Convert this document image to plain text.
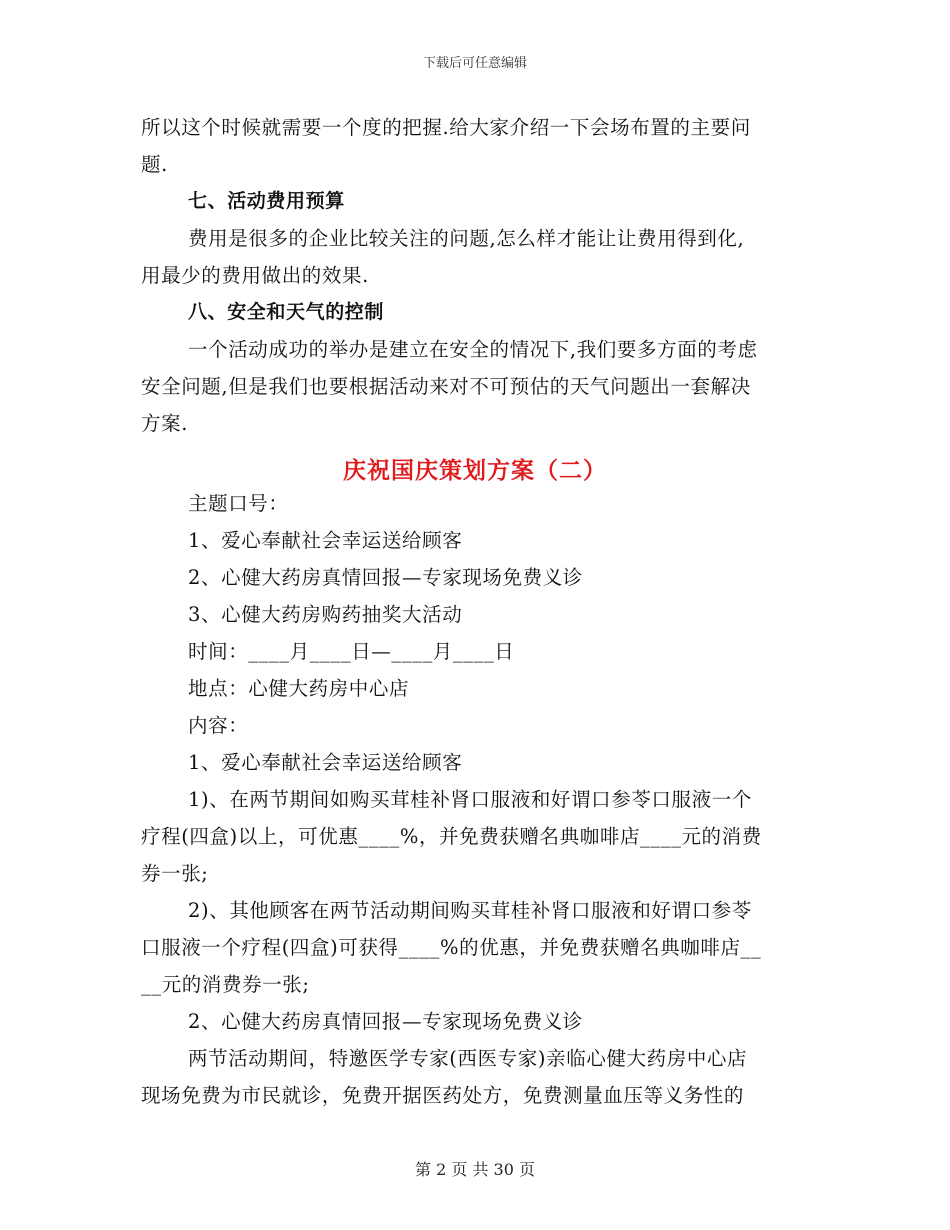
下载后可任意编辑
所以这个时候就需要一个度的把握.给大家介绍一下会场布置的主要问
题.
七、活动费用预算
费用是很多的企业比较关注的问题,怎么样才能让让费用得到化,
用最少的费用做出的效果.
八、安全和天气的控制
一个活动成功的举办是建立在安全的情况下,我们要多方面的考虑
安全问题,但是我们也要根据活动来对不可预估的天气问题出一套解决
方案.
庆祝国庆策划方案（二）
主题口号：
1、爱心奉献社会幸运送给顾客
2、心健大药房真情回报—专家现场免费义诊
3、心健大药房购药抽奖大活动
时间：____月____日—____月____日
地点：心健大药房中心店
内容：
1、爱心奉献社会幸运送给顾客
1)、在两节期间如购买茸桂补肾口服液和好谓口参苓口服液一个
疗程(四盒)以上，可优惠____%，并免费获赠名典咖啡店____元的消费
券一张;
2)、其他顾客在两节活动期间购买茸桂补肾口服液和好谓口参苓
口服液一个疗程(四盒)可获得____%的优惠，并免费获赠名典咖啡店__
__元的消费券一张;
2、心健大药房真情回报—专家现场免费义诊
两节活动期间，特邀医学专家(西医专家)亲临心健大药房中心店
现场免费为市民就诊，免费开据医药处方，免费测量血压等义务性的
第 2 页 共 30 页
